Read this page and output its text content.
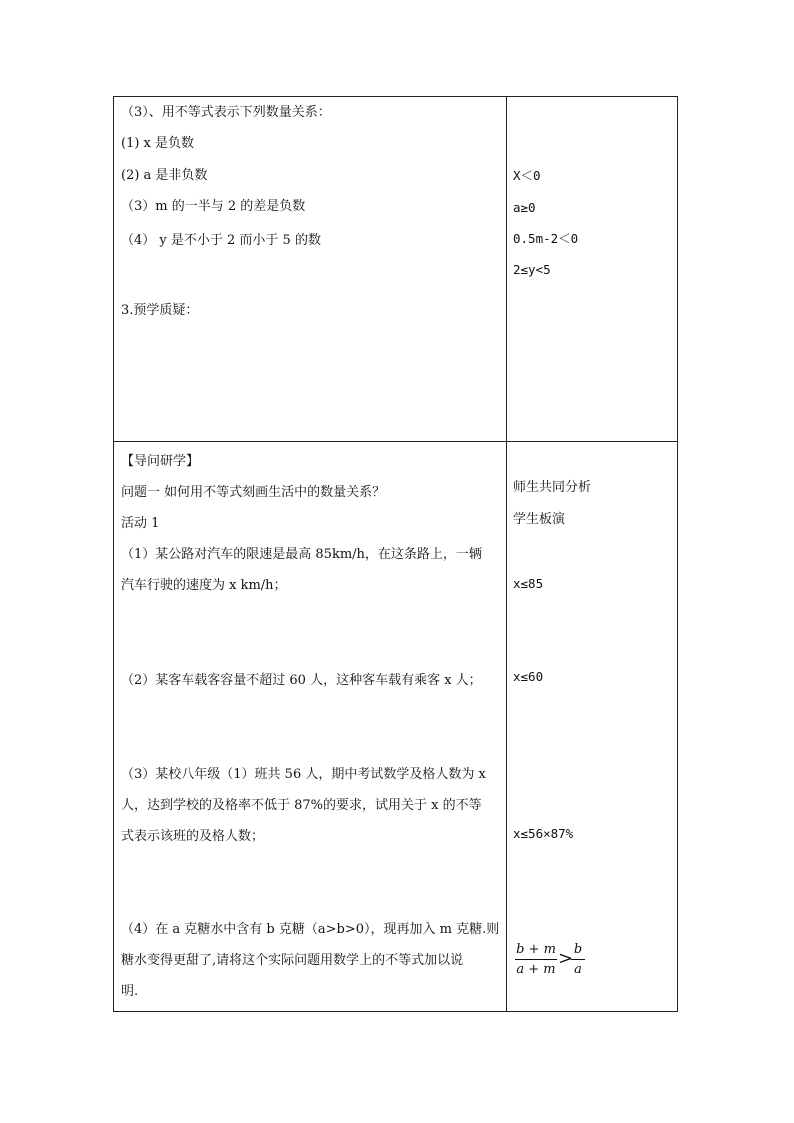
（3）、用不等式表示下列数量关系：
(1) x 是负数
(2) a 是非负数
（3）m 的一半与 2 的差是负数
（4） y 是不小于 2 而小于 5 的数
3.预学质疑：
X＜0
a≥0
0.5m-2＜0
2≤y<5
【导问研学】
问题一 如何用不等式刻画生活中的数量关系？
活动 1
（1）某公路对汽车的限速是最高 85km/h，在这条路上，一辆
汽车行驶的速度为 x km/h；
（2）某客车载客容量不超过 60 人，这种客车载有乘客 x 人；
（3）某校八年级（1）班共 56 人，期中考试数学及格人数为 x
人，达到学校的及格率不低于 87%的要求，试用关于 x 的不等
式表示该班的及格人数；
（4）在 a 克糖水中含有 b 克糖（a>b>0），现再加入 m 克糖.则
糖水变得更甜了,请将这个实际问题用数学上的不等式加以说
明.
师生共同分析
学生板演
x≤85
x≤60
x≤56×87%
b + m
a + m
> b
a
